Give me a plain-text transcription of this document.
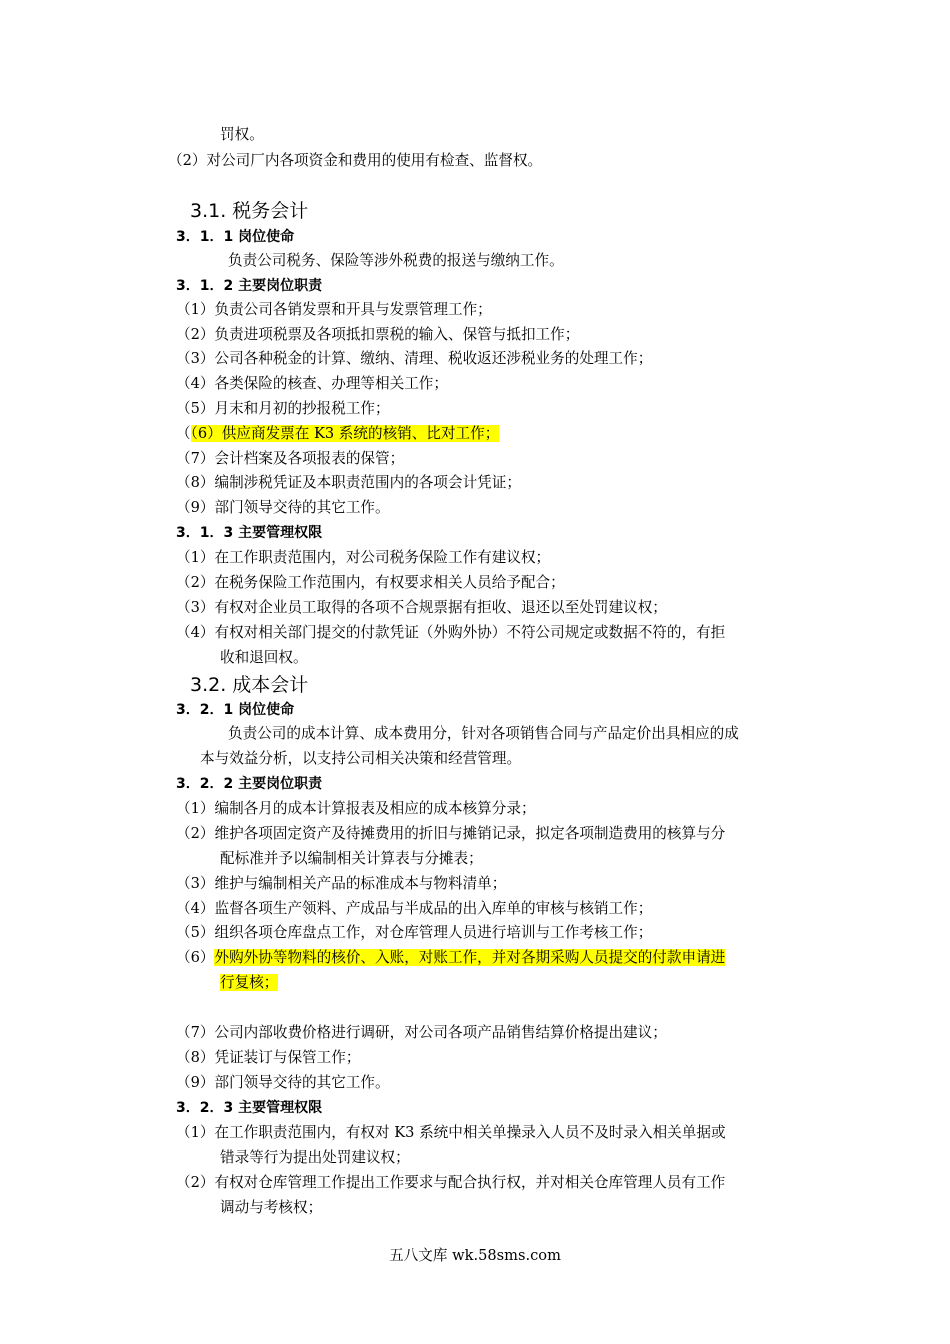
罚权。
（2）对公司厂内各项资金和费用的使用有检查、监督权。
3.1. 税务会计
3．1．1 岗位使命
负责公司税务、保险等涉外税费的报送与缴纳工作。
3．1．2 主要岗位职责
（1）负责公司各销发票和开具与发票管理工作；
（2）负责进项税票及各项抵扣票税的输入、保管与抵扣工作；
（3）公司各种税金的计算、缴纳、清理、税收返还涉税业务的处理工作；
（4）各类保险的核查、办理等相关工作；
（5）月末和月初的抄报税工作；
（（6）供应商发票在 K3 系统的核销、比对工作；
（7）会计档案及各项报表的保管；
（8）编制涉税凭证及本职责范围内的各项会计凭证；
（9）部门领导交待的其它工作。
3．1．3 主要管理权限
（1）在工作职责范围内，对公司税务保险工作有建议权；
（2）在税务保险工作范围内，有权要求相关人员给予配合；
（3）有权对企业员工取得的各项不合规票据有拒收、退还以至处罚建议权；
（4）有权对相关部门提交的付款凭证（外购外协）不符公司规定或数据不符的，有拒
收和退回权。
3.2. 成本会计
3．2．1 岗位使命
负责公司的成本计算、成本费用分，针对各项销售合同与产品定价出具相应的成
本与效益分析，以支持公司相关决策和经营管理。
3．2．2 主要岗位职责
（1）编制各月的成本计算报表及相应的成本核算分录；
（2）维护各项固定资产及待摊费用的折旧与摊销记录，拟定各项制造费用的核算与分
配标准并予以编制相关计算表与分摊表；
（3）维护与编制相关产品的标准成本与物料清单；
（4）监督各项生产领料、产成品与半成品的出入库单的审核与核销工作；
（5）组织各项仓库盘点工作，对仓库管理人员进行培训与工作考核工作；
（6）外购外协等物料的核价、入账，对账工作，并对各期采购人员提交的付款申请进
行复核；
（7）公司内部收费价格进行调研，对公司各项产品销售结算价格提出建议；
（8）凭证装订与保管工作；
（9）部门领导交待的其它工作。
3．2．3 主要管理权限
（1）在工作职责范围内，有权对 K3 系统中相关单操录入人员不及时录入相关单据或
错录等行为提出处罚建议权；
（2）有权对仓库管理工作提出工作要求与配合执行权，并对相关仓库管理人员有工作
调动与考核权；
五八文库 wk.58sms.com
